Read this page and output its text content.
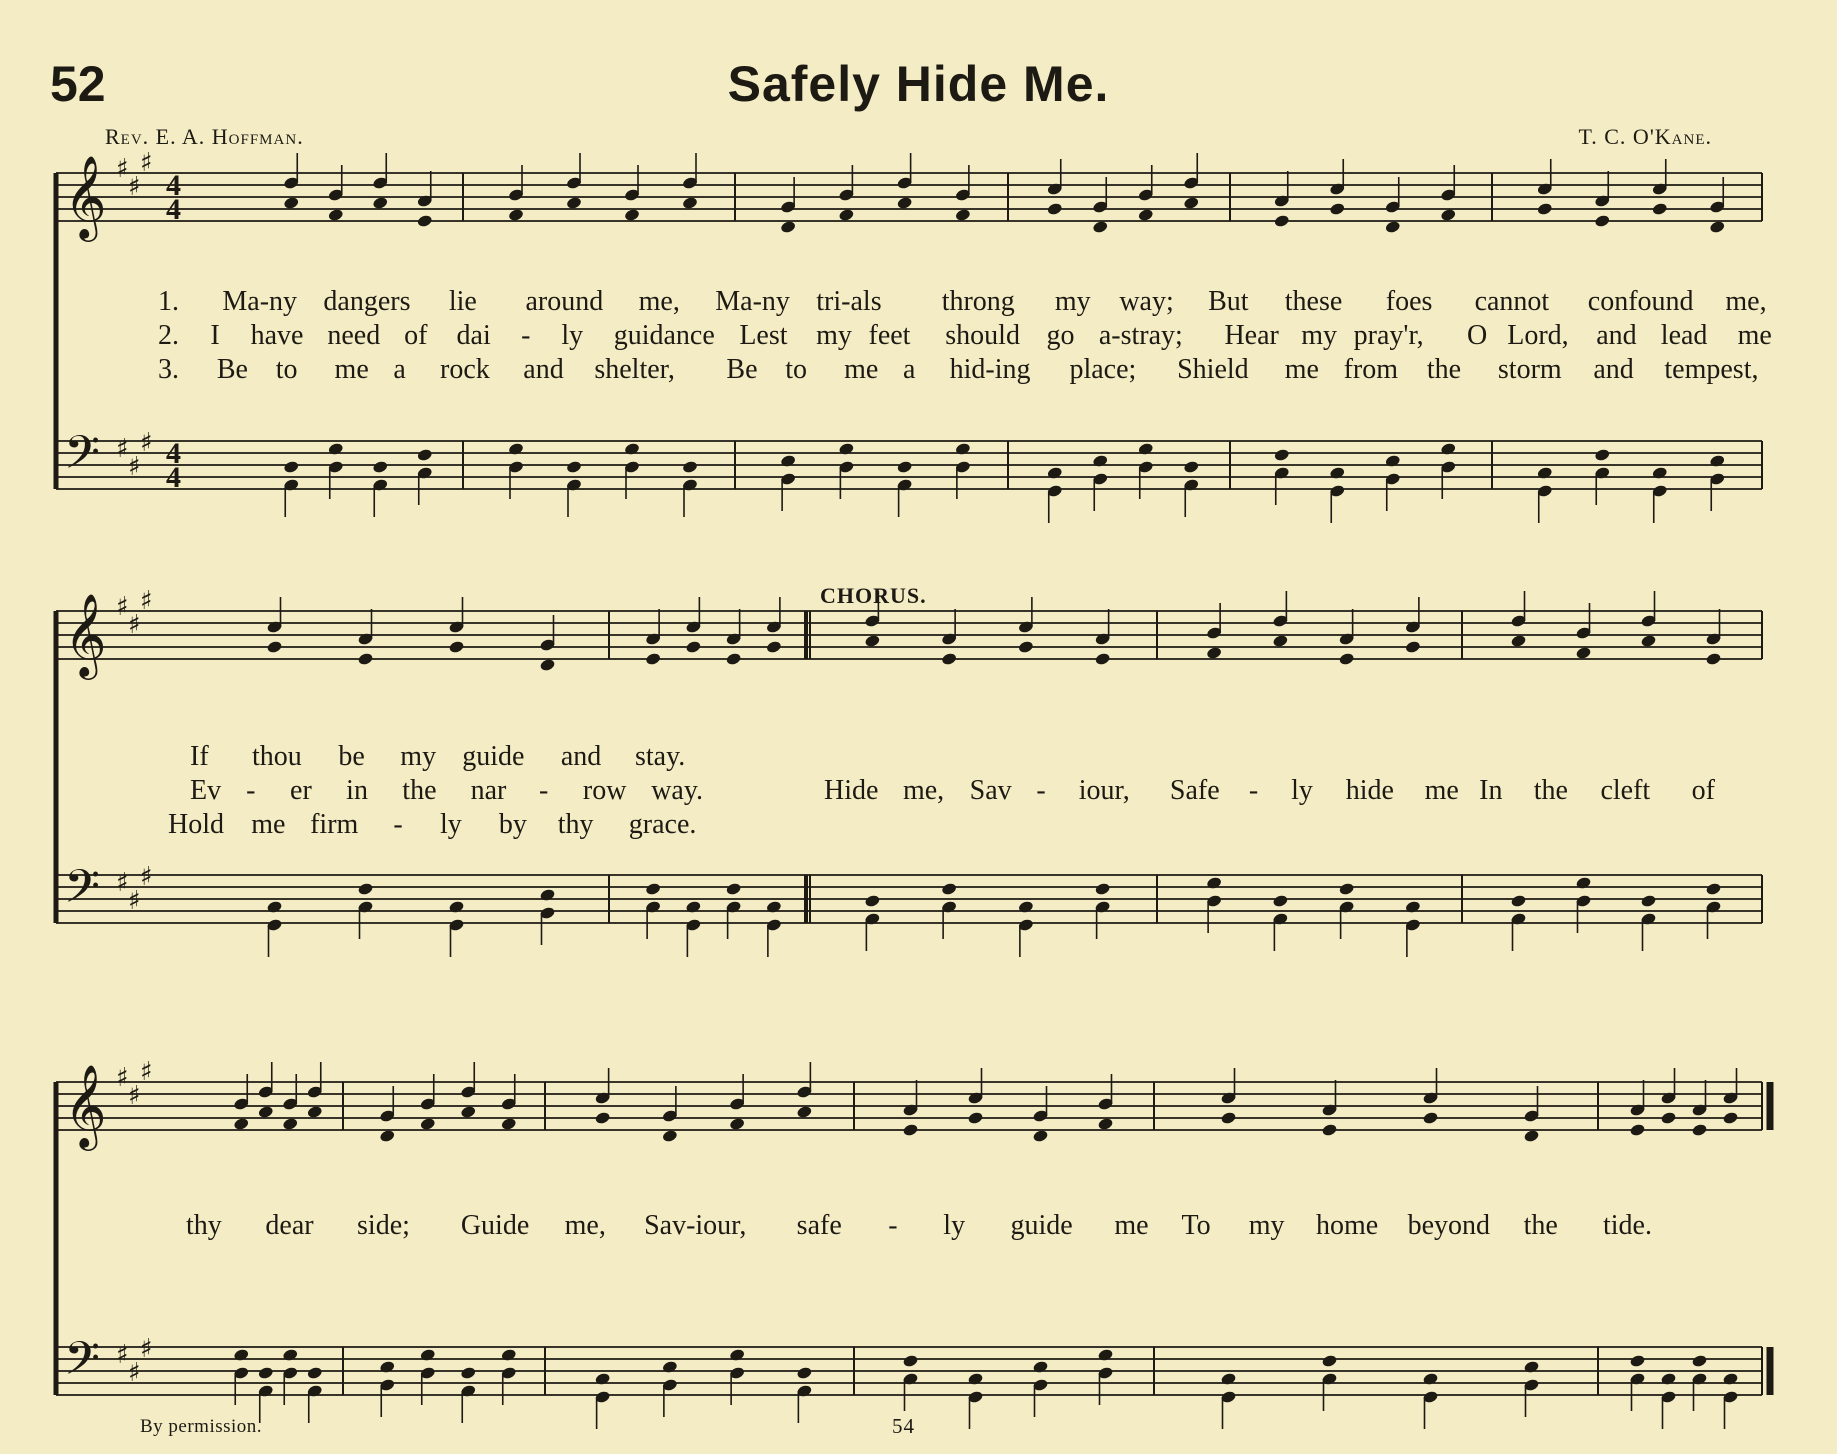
52	Safely Hide Me.
Rev. E. A. Hoffman.	T. C. O'Kane.
CHORUS.
By permission.	54
𝄞 ♯
♯
♯
4
4
𝄢 ♯
♯
♯ 4
4
𝄞 ♯
♯
♯
𝄢 ♯
♯
♯
𝄞 ♯
♯
♯
𝄢 ♯
♯
♯
1. Ma-ny dangers lie around me, Ma-ny tri-als throng my way; But these foes cannot confound me,
2. I have need of dai - ly guidance Lest my feet should go a-stray; Hear my pray'r, O Lord, and lead me
3. Be to me a rock and shelter, Be to me a hid-ing place; Shield me from the storm and tempest,
If thou be my guide and stay.
Ev - er in the nar - row way.
Hold me firm - ly by thy grace.
Hide me, Sav - iour, Safe - ly hide me In the cleft of
thy dear side; Guide me, Sav-iour, safe - ly guide me To my home beyond the tide.
